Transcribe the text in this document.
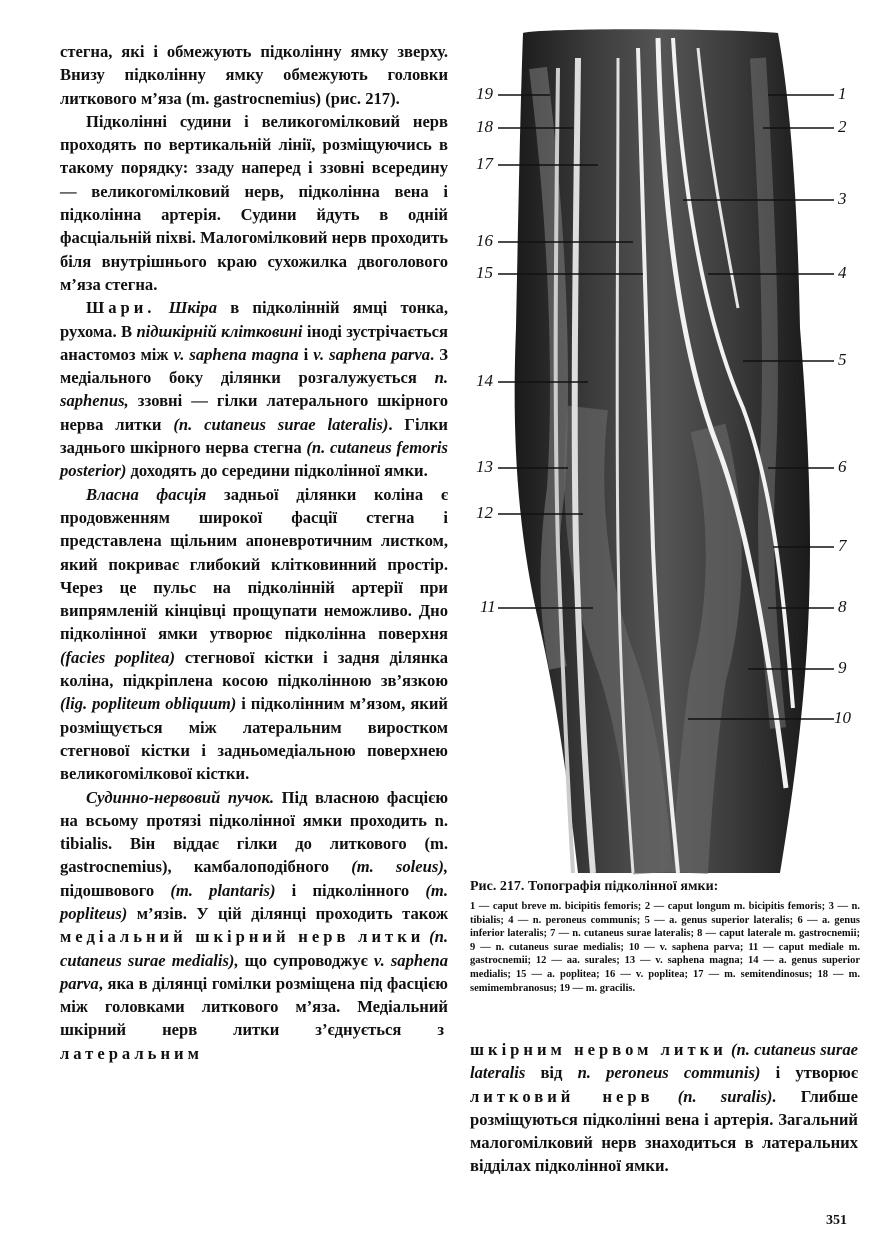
стегна, які і обмежують підколінну ямку зверху. Внизу підколінну ямку обмежують головки литкового м’яза (m. gastrocnemius) (рис. 217).

Підколінні судини і великогомілковий нерв проходять по вертикальній лінії, розміщуючись в такому порядку: ззаду наперед і ззовні всередину — великогомілковий нерв, підколінна вена і підколінна артерія. Судини йдуть в одній фасціальній піхві. Малогомілковий нерв проходить біля внутрішнього краю сухожилка двоголового м’яза стегна.

Шари. Шкіра в підколінній ямці тонка, рухома. В підшкірній клітковині іноді зустрічається анастомоз між v. saphena magna і v. saphena parva. З медіального боку ділянки розгалужується n. saphenus, ззовні — гілки латерального шкірного нерва литки (n. cutaneus surae lateralis). Гілки заднього шкірного нерва стегна (n. cutaneus femoris posterior) доходять до середини підколінної ямки.

Власна фасція задньої ділянки коліна є продовженням широкої фасції стегна і представлена щільним апоневротичним листком, який покриває глибокий клітковинний простір. Через це пульс на підколінній артерії при випрямленій кінцівці прощупати неможливо. Дно підколінної ямки утворює підколінна поверхня (facies poplitea) стегнової кістки і задня ділянка коліна, підкріплена косою підколінною зв’язкою (lig. popliteum obliquum) і підколінним м’язом, який розміщується між латеральним виростком стегнової кістки і задньомедіальною поверхнею великогомілкової кістки.

Судинно-нервовий пучок. Під власною фасцією на всьому протязі підколінної ямки проходить n. tibialis. Він віддає гілки до литкового (m. gastrocnemius), камбалоподібного (m. soleus), підошвового (m. plantaris) і підколінного (m. popliteus) м’язів. У цій ділянці проходить також медіальний шкірний нерв литки (n. cutaneus surae medialis), що супроводжує v. saphena parva, яка в ділянці гомілки розміщена під фасцією між головками литкового м’яза. Медіальний шкірний нерв литки з’єднується з латеральним

19
18
17
16
15
14
13
12
11
1
2
3
4
5
6
7
8
9
10
Рис. 217. Топографія підколінної ямки:
1 — caput breve m. bicipitis femoris; 2 — caput longum m. bicipitis femoris; 3 — n. tibialis; 4 — n. peroneus communis; 5 — a. genus superior lateralis; 6 — a. genus inferior lateralis; 7 — n. cutaneus surae lateralis; 8 — caput laterale m. gastrocnemii; 9 — n. cutaneus surae medialis; 10 — v. saphena parva; 11 — caput mediale m. gastrocnemii; 12 — aa. surales; 13 — v. saphena magna; 14 — a. genus superior medialis; 15 — a. poplitea; 16 — v. poplitea; 17 — m. semitendinosus; 18 — m. semimembranosus; 19 — m. gracilis.
шкірним нервом литки (n. cutaneus surae lateralis від n. peroneus communis) і утворює литковий нерв (n. suralis). Глибше розміщуються підколінні вена і артерія. Загальний малогомілковий нерв знаходиться в латеральних відділах підколінної ямки.
351
